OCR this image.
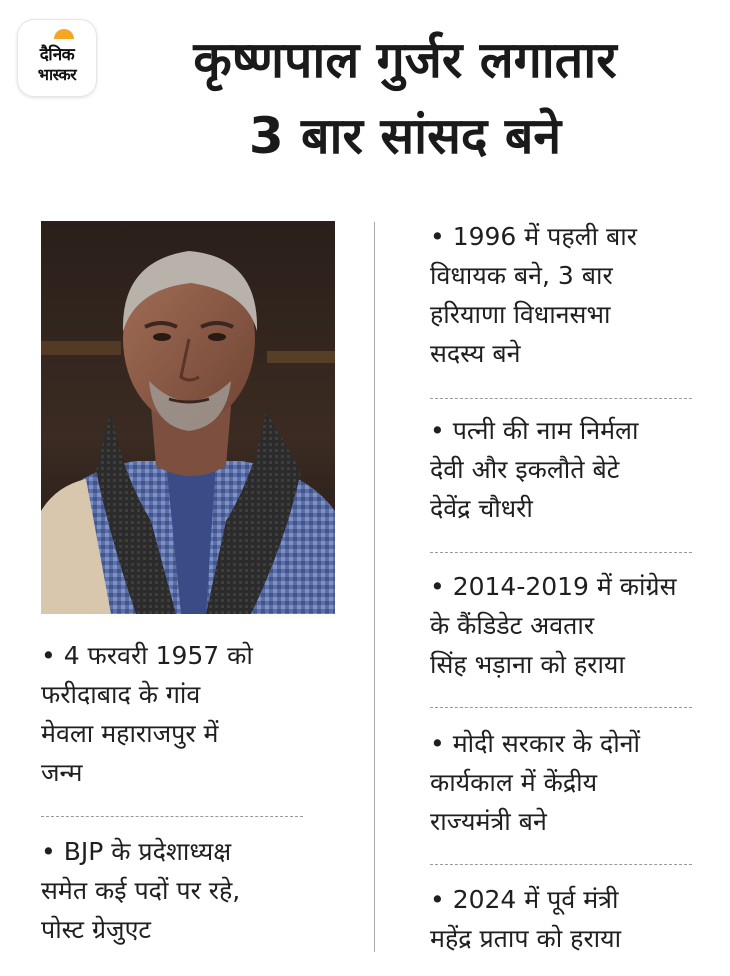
दैनिक
भास्कर	कृष्णपाल गुर्जर लगातार
3 बार सांसद बने

• 4 फरवरी 1957 को
फरीदाबाद के गांव
मेवला महाराजपुर में
जन्म

• BJP के प्रदेशाध्यक्ष
समेत कई पदों पर रहे,
पोस्ट ग्रेजुएट

• 1996 में पहली बार
विधायक बने, 3 बार
हरियाणा विधानसभा
सदस्य बने

• पत्नी की नाम निर्मला
देवी और इकलौते बेटे
देवेंद्र चौधरी

• 2014-2019 में कांग्रेस
के कैंडिडेट अवतार
सिंह भड़ाना को हराया

• मोदी सरकार के दोनों
कार्यकाल में केंद्रीय
राज्यमंत्री बने

• 2024 में पूर्व मंत्री
महेंद्र प्रताप को हराया
